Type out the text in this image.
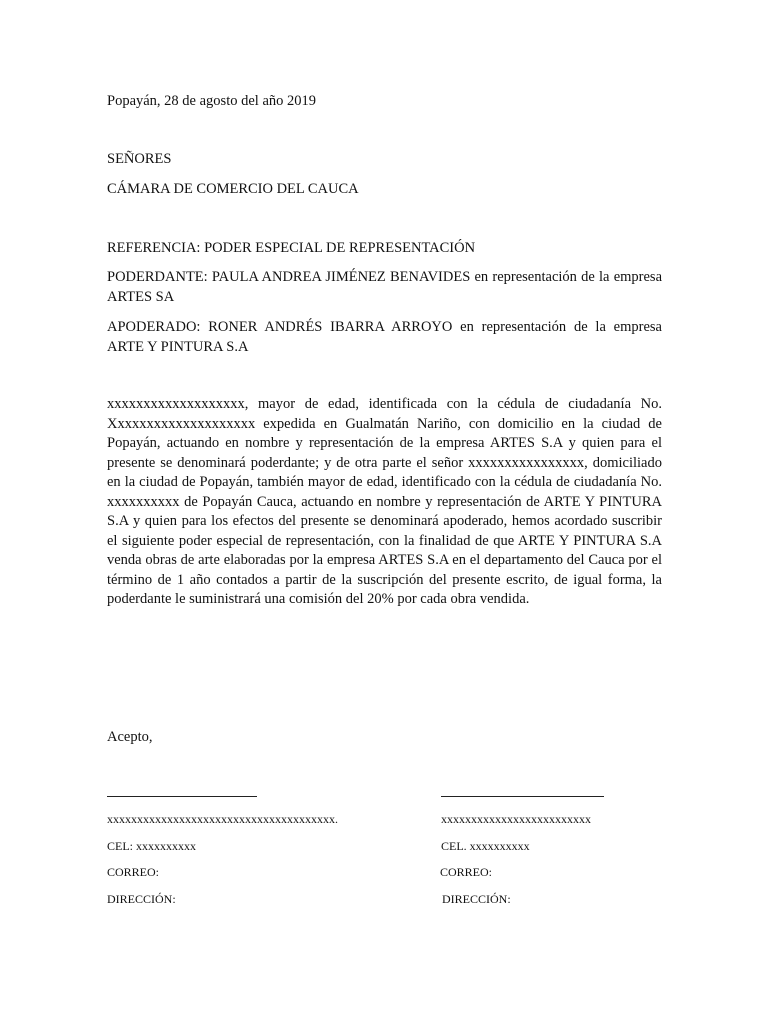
Popayán, 28 de agosto del año 2019
SEÑORES
CÁMARA DE COMERCIO DEL CAUCA
REFERENCIA: PODER ESPECIAL DE REPRESENTACIÓN
PODERDANTE: PAULA ANDREA JIMÉNEZ BENAVIDES en representación de la empresa ARTES SA
APODERADO: RONER ANDRÉS IBARRA ARROYO en representación de la empresa ARTE Y PINTURA S.A
xxxxxxxxxxxxxxxxxxx, mayor de edad, identificada con la cédula de ciudadanía No. Xxxxxxxxxxxxxxxxxxxx expedida en Gualmatán Nariño, con domicilio en la ciudad de Popayán, actuando en nombre y representación de la empresa ARTES S.A y quien para el presente se denominará poderdante; y de otra parte el señor xxxxxxxxxxxxxxxx, domiciliado en la ciudad de Popayán, también mayor de edad, identificado con la cédula de ciudadanía No. xxxxxxxxxx de Popayán Cauca, actuando en nombre y representación de ARTE Y PINTURA S.A y quien para los efectos del presente se denominará apoderado, hemos acordado suscribir el siguiente poder especial de representación, con la finalidad de que ARTE Y PINTURA S.A venda obras de arte elaboradas por la empresa ARTES S.A en el departamento del Cauca por el término de 1 año contados a partir de la suscripción del presente escrito, de igual forma, la poderdante le suministrará una comisión del 20% por cada obra vendida.
Acepto,
xxxxxxxxxxxxxxxxxxxxxxxxxxxxxxxxxxxxxx.
CEL: xxxxxxxxxx
CORREO:
DIRECCIÓN:
xxxxxxxxxxxxxxxxxxxxxxxxx
CEL. xxxxxxxxxx
CORREO:
DIRECCIÓN:
